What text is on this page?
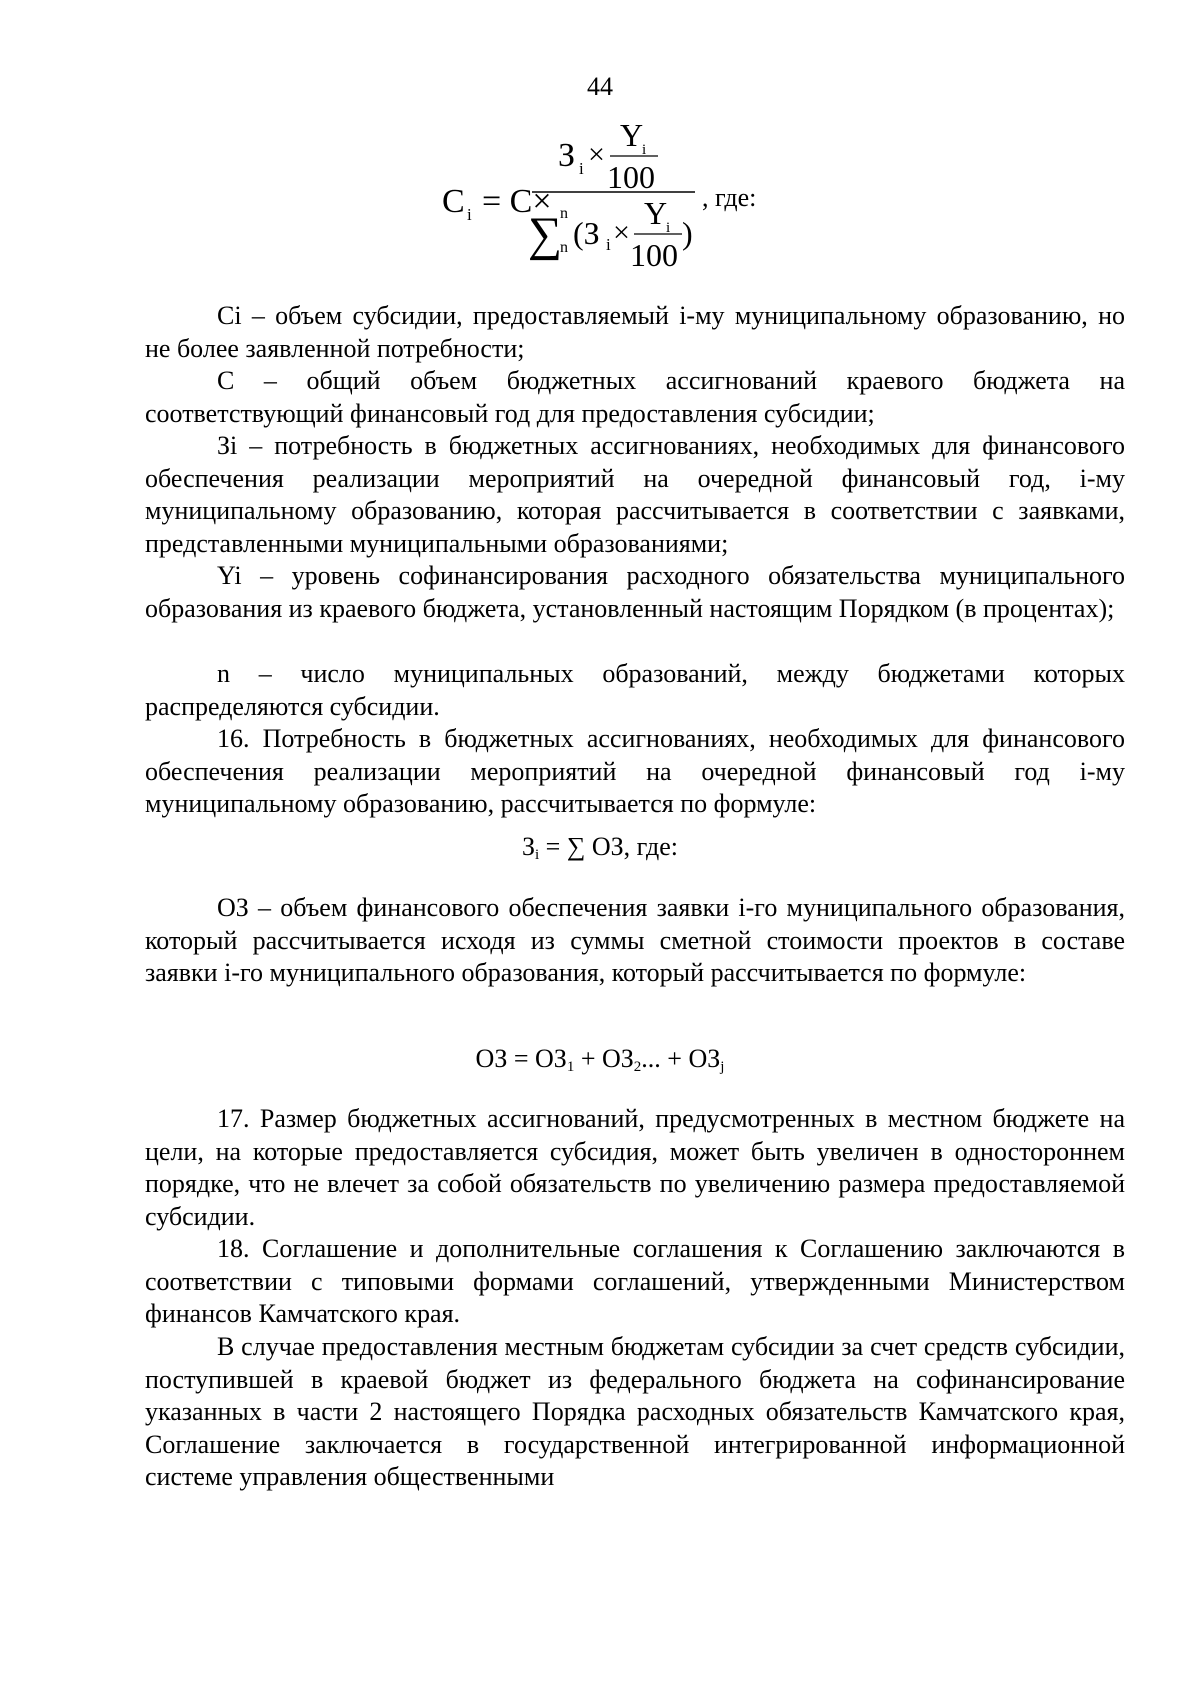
44
C i = C×
З i ×
Y
i
100
∑
n
n (З i ×
Y
i
100
)
, где:

Ci – объем субсидии, предоставляемый i-му муниципальному образованию, но не более заявленной потребности;

C – общий объем бюджетных ассигнований краевого бюджета на соответствующий финансовый год для предоставления субсидии;

Зi – потребность в бюджетных ассигнованиях, необходимых для финансового обеспечения реализации мероприятий на очередной финансовый год, i-му муниципальному образованию, которая рассчитывается в соответствии с заявками, представленными муниципальными образованиями;

Yi – уровень софинансирования расходного обязательства муниципального образования из краевого бюджета, установленный настоящим Порядком (в процентах);

n – число муниципальных образований, между бюджетами которых распределяются субсидии.

16. Потребность в бюджетных ассигнованиях, необходимых для финансового обеспечения реализации мероприятий на очередной финансовый год i-му муниципальному образованию, рассчитывается по формуле:

$З_i$ = ∑ ОЗ, где:

ОЗ – объем финансового обеспечения заявки i-го муниципального образования, который рассчитывается исходя из суммы сметной стоимости проектов в составе заявки i-го муниципального образования, который рассчитывается по формуле:

ОЗ = $ОЗ_1 + ОЗ_2$... + $ОЗ_j$

17. Размер бюджетных ассигнований, предусмотренных в местном бюджете на цели, на которые предоставляется субсидия, может быть увеличен в одностороннем порядке, что не влечет за собой обязательств по увеличению размера предоставляемой субсидии.

18. Соглашение и дополнительные соглашения к Соглашению заключаются в соответствии с типовыми формами соглашений, утвержденными Министерством финансов Камчатского края.

В случае предоставления местным бюджетам субсидии за счет средств субсидии, поступившей в краевой бюджет из федерального бюджета на софинансирование указанных в части 2 настоящего Порядка расходных обязательств Камчатского края, Соглашение заключается в государственной интегрированной информационной системе управления общественными
